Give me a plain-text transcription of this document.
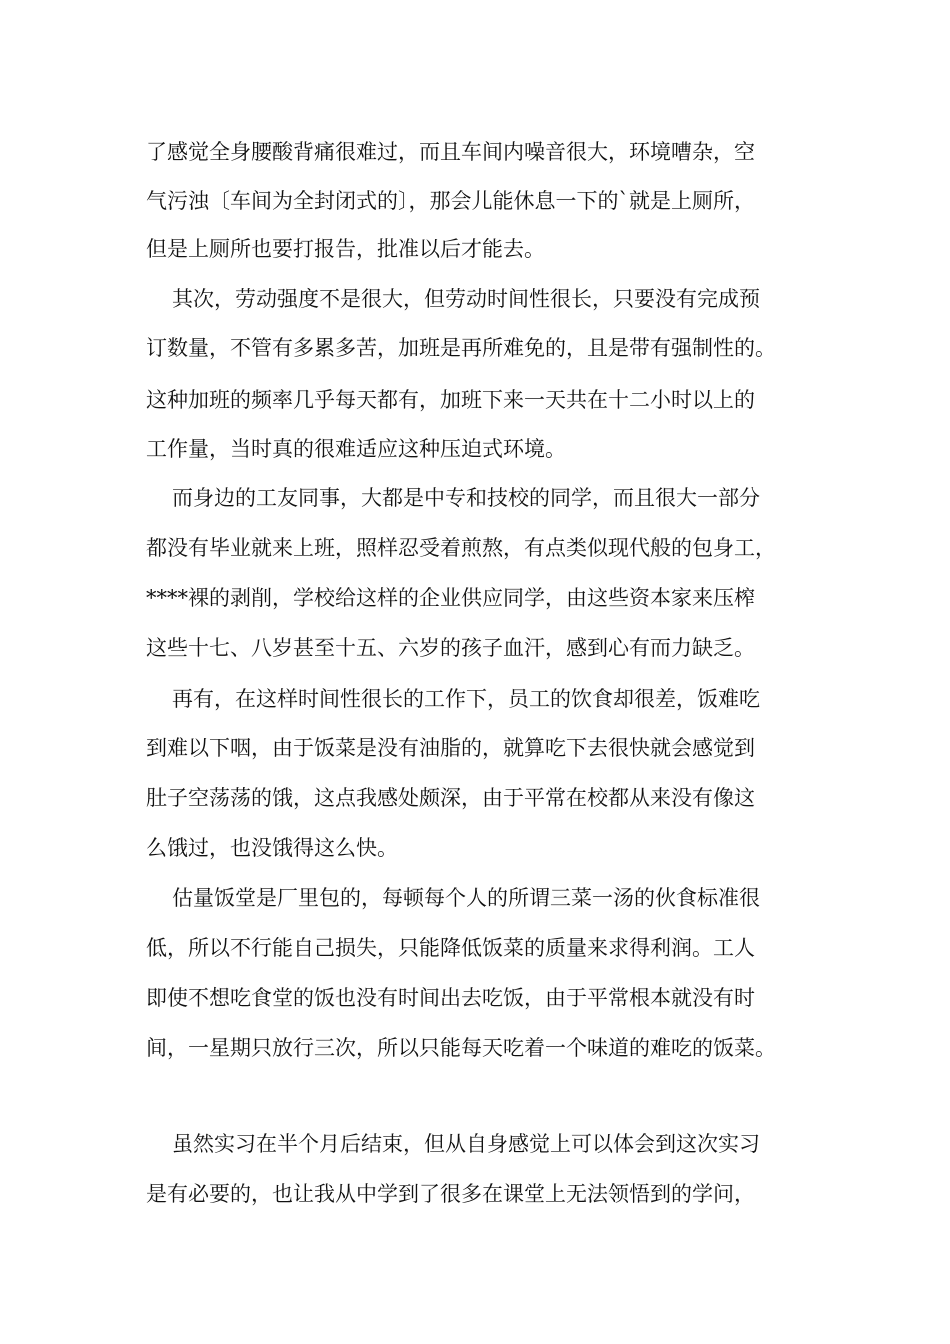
了感觉全身腰酸背痛很难过，而且车间内噪音很大，环境嘈杂，空
气污浊〔车间为全封闭式的〕，那会儿能休息一下的`就是上厕所，
但是上厕所也要打报告，批准以后才能去。
其次，劳动强度不是很大，但劳动时间性很长，只要没有完成预
订数量，不管有多累多苦，加班是再所难免的，且是带有强制性的。
这种加班的频率几乎每天都有，加班下来一天共在十二小时以上的
工作量，当时真的很难适应这种压迫式环境。
而身边的工友同事，大都是中专和技校的同学，而且很大一部分
都没有毕业就来上班，照样忍受着煎熬，有点类似现代般的包身工，
****裸的剥削，学校给这样的企业供应同学，由这些资本家来压榨
这些十七、八岁甚至十五、六岁的孩子血汗，感到心有而力缺乏。
再有，在这样时间性很长的工作下，员工的饮食却很差，饭难吃
到难以下咽，由于饭菜是没有油脂的，就算吃下去很快就会感觉到
肚子空荡荡的饿，这点我感处颇深，由于平常在校都从来没有像这
么饿过，也没饿得这么快。
估量饭堂是厂里包的，每顿每个人的所谓三菜一汤的伙食标准很
低，所以不行能自己损失，只能降低饭菜的质量来求得利润。工人
即使不想吃食堂的饭也没有时间出去吃饭，由于平常根本就没有时
间，一星期只放行三次，所以只能每天吃着一个味道的难吃的饭菜。
虽然实习在半个月后结束，但从自身感觉上可以体会到这次实习
是有必要的，也让我从中学到了很多在课堂上无法领悟到的学问，
